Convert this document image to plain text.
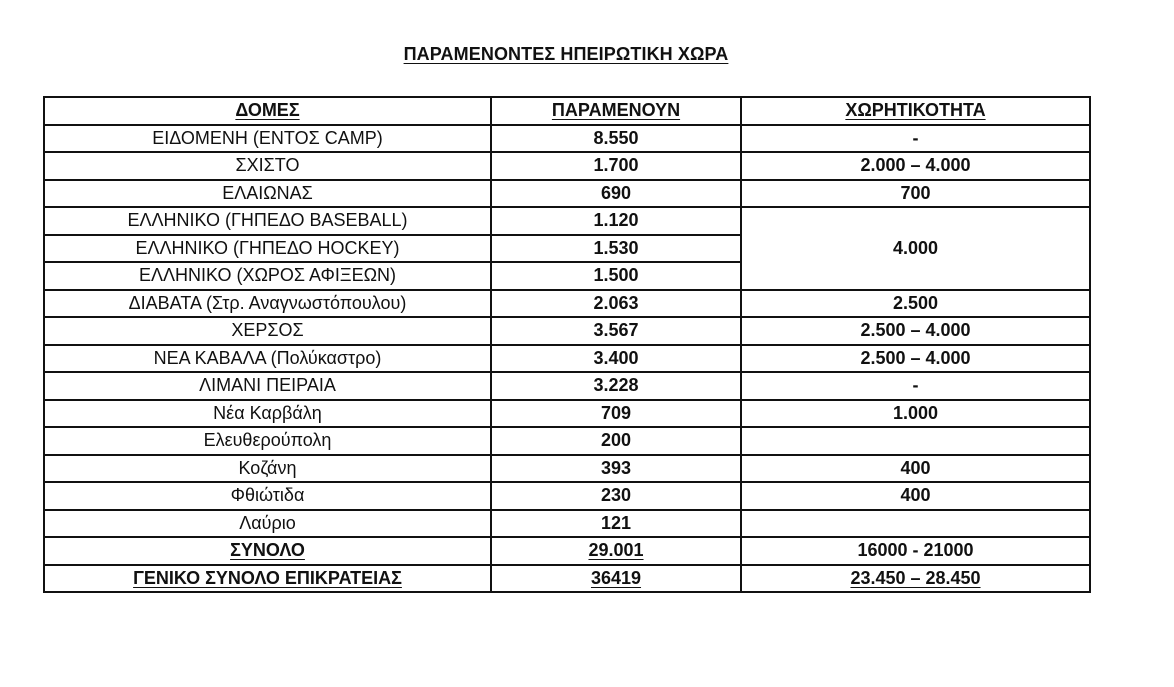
ΠΑΡΑΜΕΝΟΝΤΕΣ ΗΠΕΙΡΩΤΙΚΗ ΧΩΡΑ
ΔΟΜΕΣ	ΠΑΡΑΜΕΝΟΥΝ	ΧΩΡΗΤΙΚΟΤΗΤΑ
ΕΙΔΟΜΕΝΗ (ΕΝΤΟΣ CAMP)	8.550	-
ΣΧΙΣΤΟ	1.700	2.000 – 4.000
ΕΛΑΙΩΝΑΣ	690	700
ΕΛΛΗΝΙΚΟ (ΓΗΠΕΔΟ BASEBALL)	1.120	4.000
ΕΛΛΗΝΙΚΟ (ΓΗΠΕΔΟ HOCKEY)	1.530	
ΕΛΛΗΝΙΚΟ (ΧΩΡΟΣ ΑΦΙΞΕΩΝ)	1.500	
ΔΙΑΒΑΤΑ (Στρ. Αναγνωστόπουλου)	2.063	2.500
ΧΕΡΣΟΣ	3.567	2.500 – 4.000
ΝΕΑ ΚΑΒΑΛΑ (Πολύκαστρο)	3.400	2.500 – 4.000
ΛΙΜΑΝΙ ΠΕΙΡΑΙΑ	3.228	-
Νέα Καρβάλη	709	1.000
Ελευθερούπολη	200	
Κοζάνη	393	400
Φθιώτιδα	230	400
Λαύριο	121	
ΣΥΝΟΛΟ	29.001	16000 - 21000
ΓΕΝΙΚΟ ΣΥΝΟΛΟ ΕΠΙΚΡΑΤΕΙΑΣ	36419	23.450 – 28.450
